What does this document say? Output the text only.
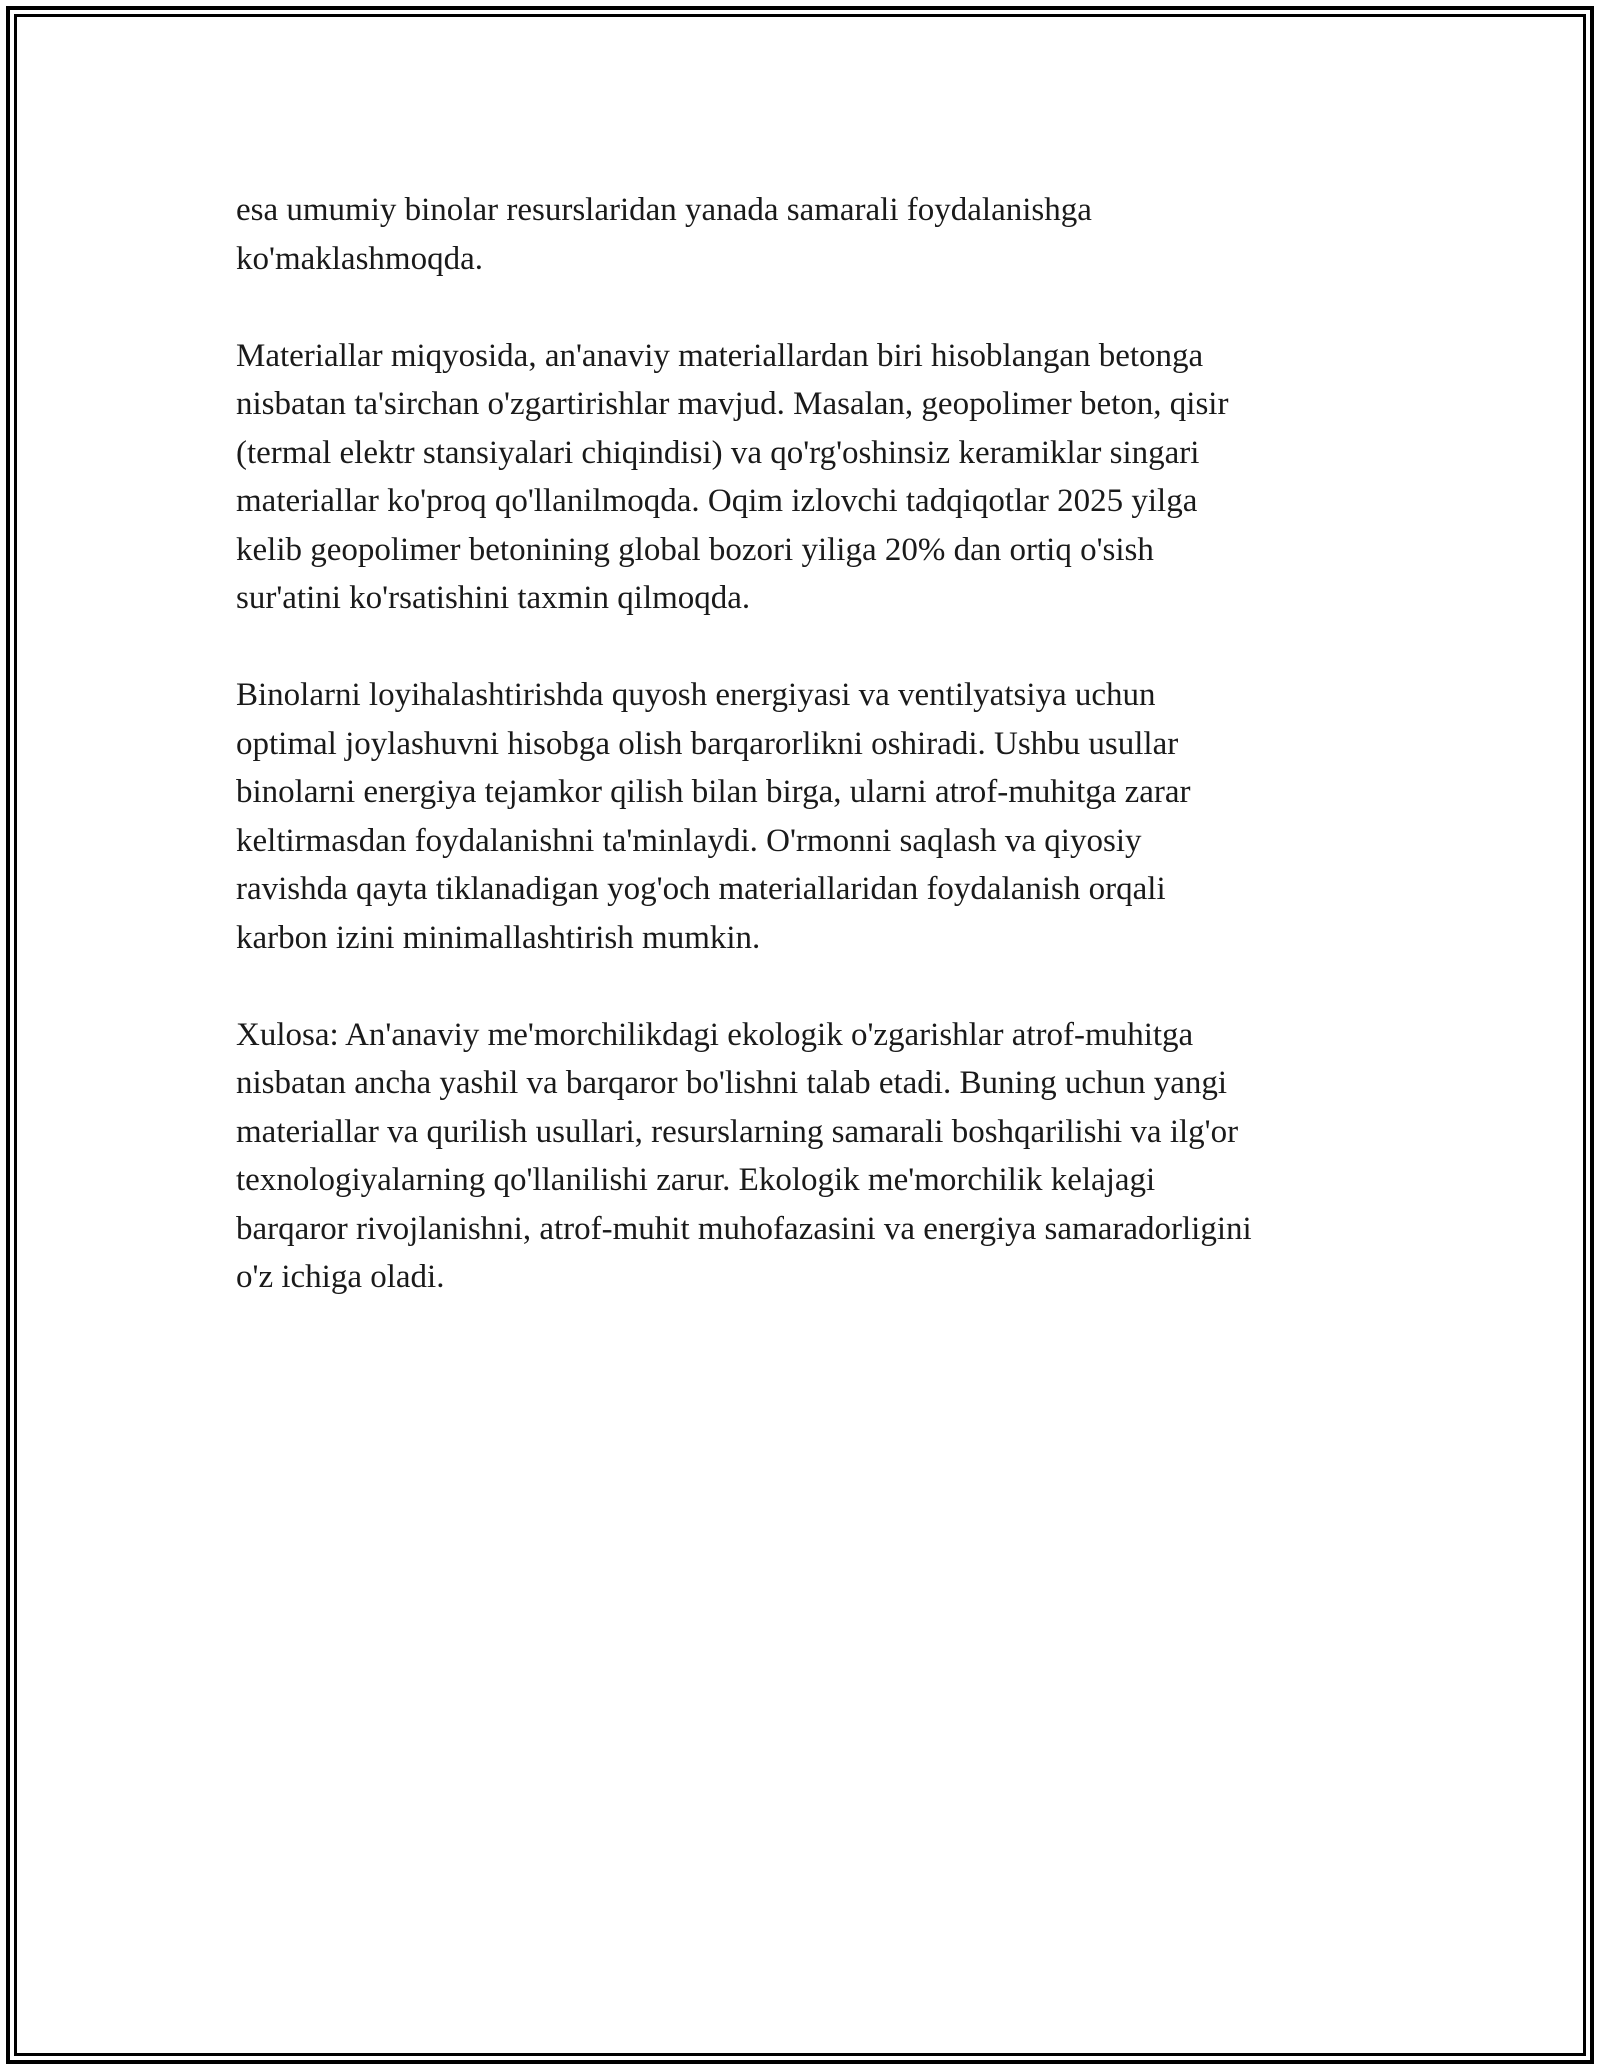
esa umumiy binolar resurslaridan yanada samarali foydalanishga
ko'maklashmoqda.

Materiallar miqyosida, an'anaviy materiallardan biri hisoblangan betonga
nisbatan ta'sirchan o'zgartirishlar mavjud. Masalan, geopolimer beton, qisir
(termal elektr stansiyalari chiqindisi) va qo'rg'oshinsiz keramiklar singari
materiallar ko'proq qo'llanilmoqda. Oqim izlovchi tadqiqotlar 2025 yilga
kelib geopolimer betonining global bozori yiliga 20% dan ortiq o'sish
sur'atini ko'rsatishini taxmin qilmoqda.

Binolarni loyihalashtirishda quyosh energiyasi va ventilyatsiya uchun
optimal joylashuvni hisobga olish barqarorlikni oshiradi. Ushbu usullar
binolarni energiya tejamkor qilish bilan birga, ularni atrof-muhitga zarar
keltirmasdan foydalanishni ta'minlaydi. O'rmonni saqlash va qiyosiy
ravishda qayta tiklanadigan yog'och materiallaridan foydalanish orqali
karbon izini minimallashtirish mumkin.

Xulosa: An'anaviy me'morchilikdagi ekologik o'zgarishlar atrof-muhitga
nisbatan ancha yashil va barqaror bo'lishni talab etadi. Buning uchun yangi
materiallar va qurilish usullari, resurslarning samarali boshqarilishi va ilg'or
texnologiyalarning qo'llanilishi zarur. Ekologik me'morchilik kelajagi
barqaror rivojlanishni, atrof-muhit muhofazasini va energiya samaradorligini
o'z ichiga oladi.
